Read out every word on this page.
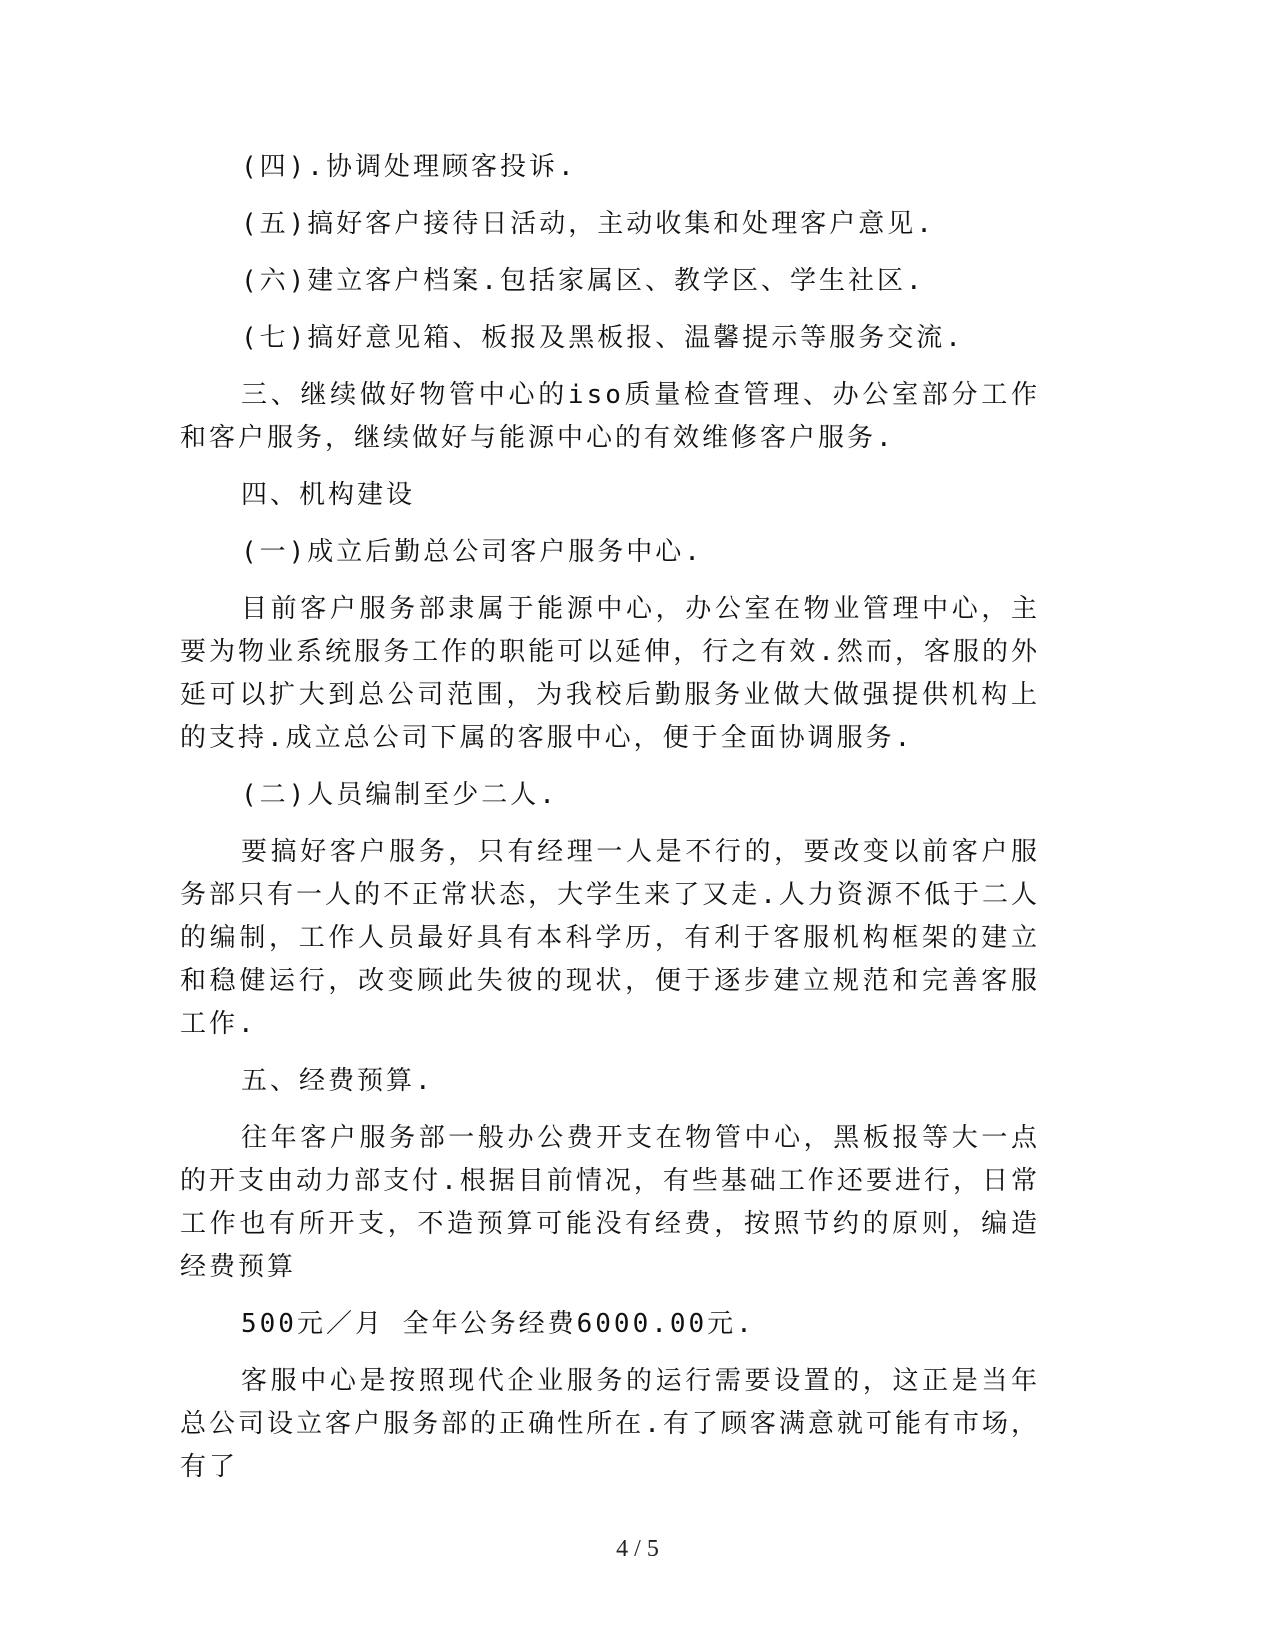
(四).协调处理顾客投诉.

(五)搞好客户接待日活动，主动收集和处理客户意见.

(六)建立客户档案.包括家属区、教学区、学生社区.

(七)搞好意见箱、板报及黑板报、温馨提示等服务交流.

三、继续做好物管中心的iso质量检查管理、办公室部分工作和客户服务，继续做好与能源中心的有效维修客户服务.

四、机构建设

(一)成立后勤总公司客户服务中心.

目前客户服务部隶属于能源中心，办公室在物业管理中心，主要为物业系统服务工作的职能可以延伸，行之有效.然而，客服的外延可以扩大到总公司范围，为我校后勤服务业做大做强提供机构上的支持.成立总公司下属的客服中心，便于全面协调服务.

(二)人员编制至少二人.

要搞好客户服务，只有经理一人是不行的，要改变以前客户服务部只有一人的不正常状态，大学生来了又走.人力资源不低于二人的编制，工作人员最好具有本科学历，有利于客服机构框架的建立和稳健运行，改变顾此失彼的现状，便于逐步建立规范和完善客服工作.

五、经费预算.

往年客户服务部一般办公费开支在物管中心，黑板报等大一点的开支由动力部支付.根据目前情况，有些基础工作还要进行，日常工作也有所开支，不造预算可能没有经费，按照节约的原则，编造经费预算

500元／月 全年公务经费6000.00元.

客服中心是按照现代企业服务的运行需要设置的，这正是当年总公司设立客户服务部的正确性所在.有了顾客满意就可能有市场，有了

4 / 5
